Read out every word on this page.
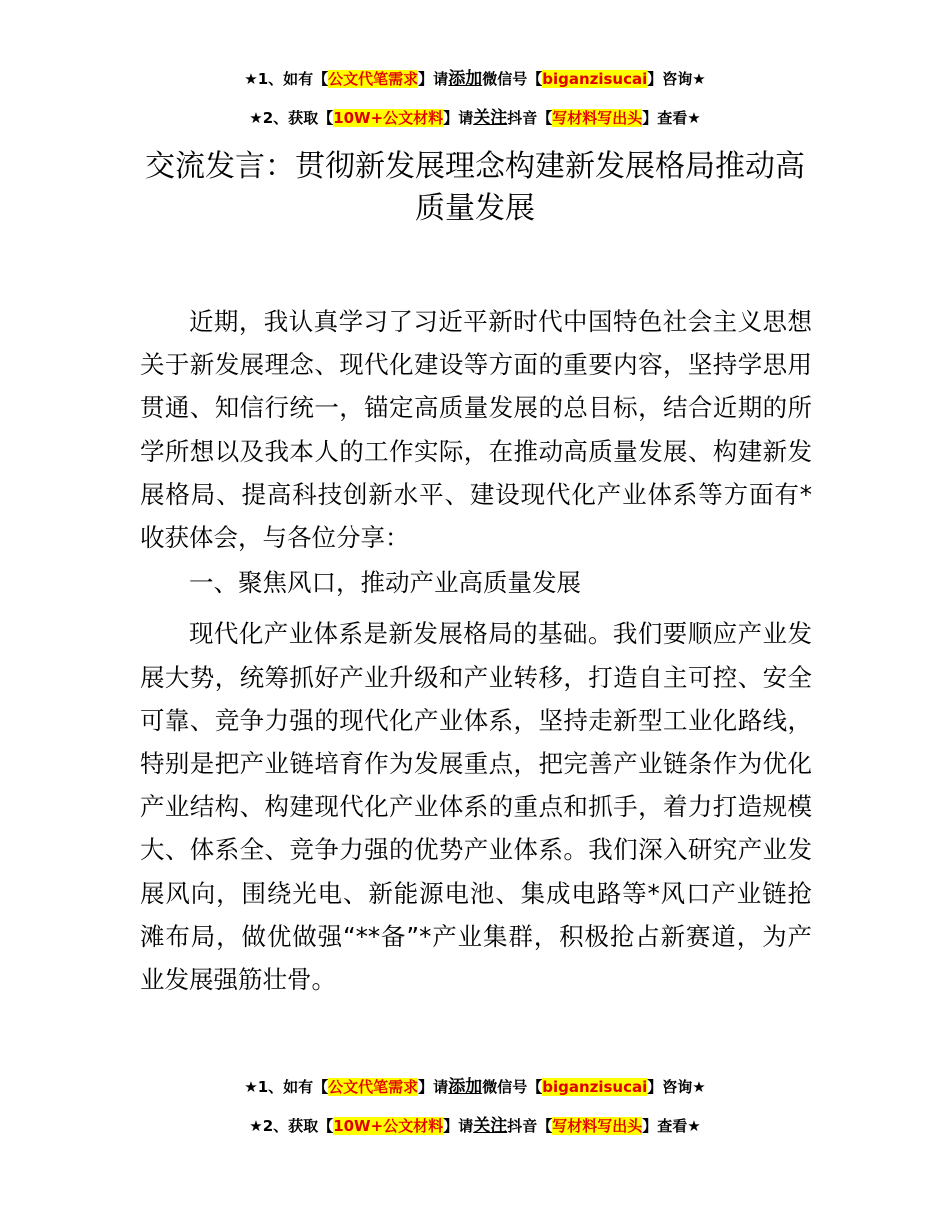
★1、如有【公文代笔需求】请添加微信号【biganzisucai】咨询★
★2、获取【10W+公文材料】请关注抖音【写材料写出头】查看★
交流发言：贯彻新发展理念构建新发展格局推动高质量发展

近期，我认真学习了习近平新时代中国特色社会主义思想关于新发展理念、现代化建设等方面的重要内容，坚持学思用贯通、知信行统一，锚定高质量发展的总目标，结合近期的所学所想以及我本人的工作实际，在推动高质量发展、构建新发展格局、提高科技创新水平、建设现代化产业体系等方面有*收获体会，与各位分享：

一、聚焦风口，推动产业高质量发展

现代化产业体系是新发展格局的基础。我们要顺应产业发展大势，统筹抓好产业升级和产业转移，打造自主可控、安全可靠、竞争力强的现代化产业体系，坚持走新型工业化路线，特别是把产业链培育作为发展重点，把完善产业链条作为优化产业结构、构建现代化产业体系的重点和抓手，着力打造规模大、体系全、竞争力强的优势产业体系。我们深入研究产业发展风向，围绕光电、新能源电池、集成电路等*风口产业链抢滩布局，做优做强“**备”*产业集群，积极抢占新赛道，为产业发展强筋壮骨。

★1、如有【公文代笔需求】请添加微信号【biganzisucai】咨询★
★2、获取【10W+公文材料】请关注抖音【写材料写出头】查看★
